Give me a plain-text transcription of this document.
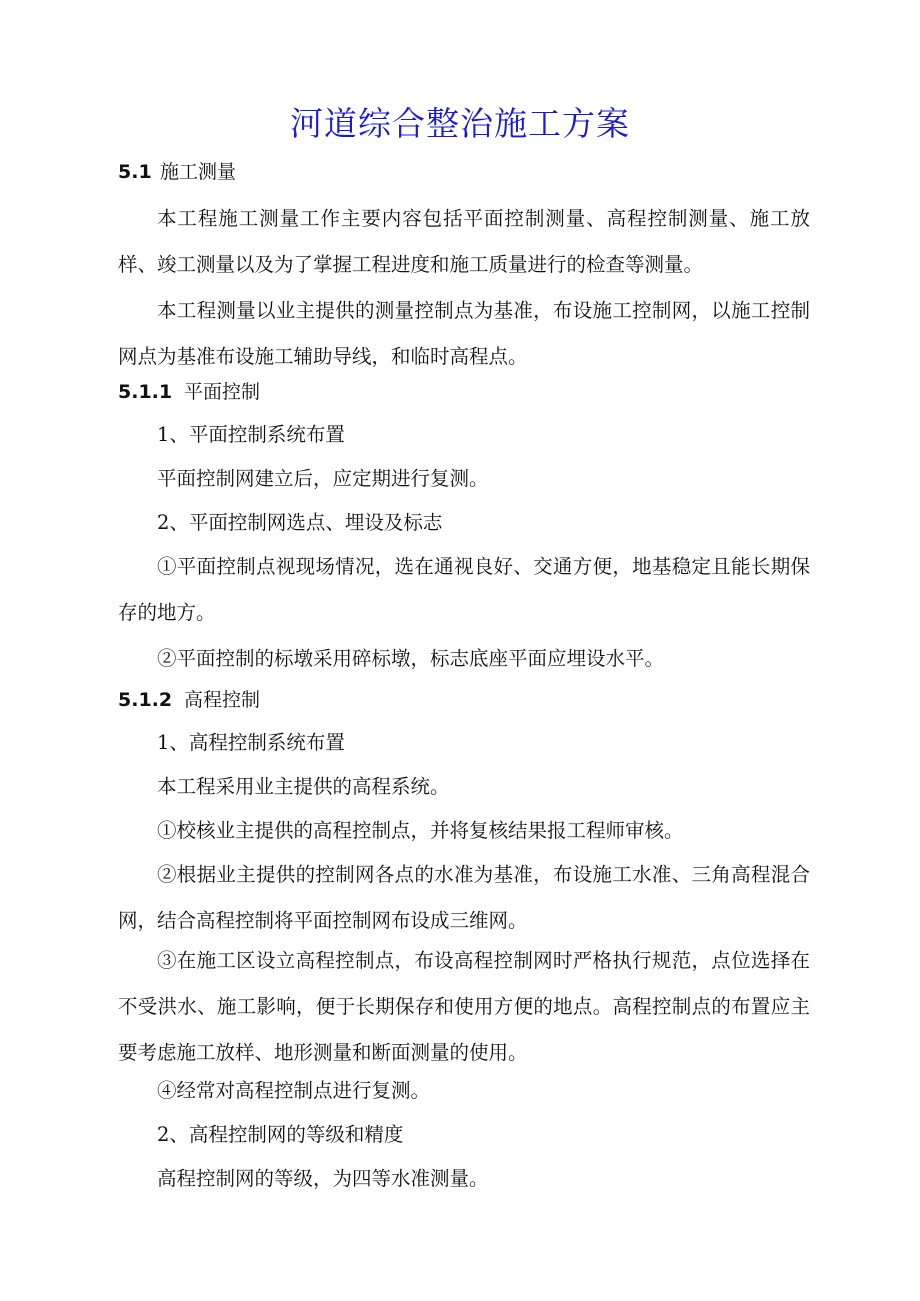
河道综合整治施工方案
5.1 施工测量

本工程施工测量工作主要内容包括平面控制测量、高程控制测量、施工放样、竣工测量以及为了掌握工程进度和施工质量进行的检查等测量。

本工程测量以业主提供的测量控制点为基准，布设施工控制网，以施工控制网点为基准布设施工辅助导线，和临时高程点。

5.1.1 平面控制

1、平面控制系统布置

平面控制网建立后，应定期进行复测。

2、平面控制网选点、埋设及标志

①平面控制点视现场情况，选在通视良好、交通方便，地基稳定且能长期保存的地方。

②平面控制的标墩采用碎标墩，标志底座平面应埋设水平。

5.1.2 高程控制

1、高程控制系统布置

本工程采用业主提供的高程系统。

①校核业主提供的高程控制点，并将复核结果报工程师审核。

②根据业主提供的控制网各点的水准为基准，布设施工水准、三角高程混合网，结合高程控制将平面控制网布设成三维网。

③在施工区设立高程控制点，布设高程控制网时严格执行规范，点位选择在不受洪水、施工影响，便于长期保存和使用方便的地点。高程控制点的布置应主要考虑施工放样、地形测量和断面测量的使用。

④经常对高程控制点进行复测。

2、高程控制网的等级和精度

高程控制网的等级，为四等水准测量。
